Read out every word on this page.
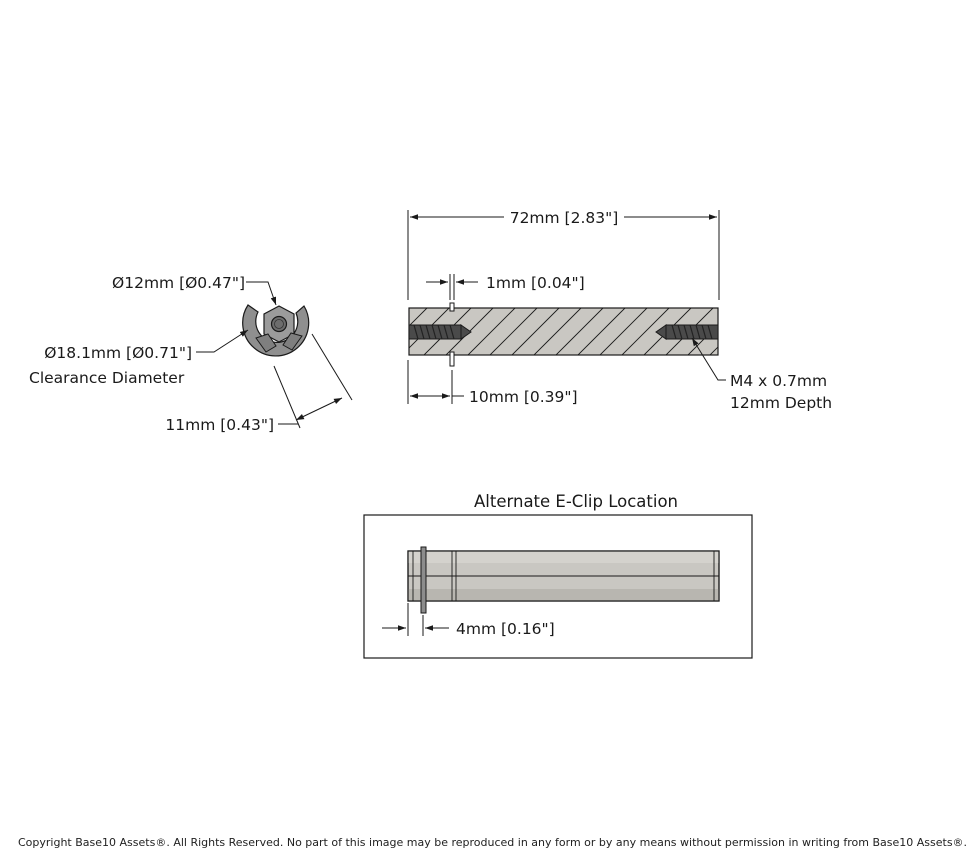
Ø12mm [Ø0.47"]
Ø18.1mm [Ø0.71"]
Clearance Diameter
11mm [0.43"]
72mm [2.83"]
1mm [0.04"]
10mm [0.39"]
M4 x 0.7mm
12mm Depth
Alternate E-Clip Location
4mm [0.16"]
Copyright Base10 Assets®. All Rights Reserved. No part of this image may be reproduced in any form or by any means without permission in writing from Base10 Assets®.
